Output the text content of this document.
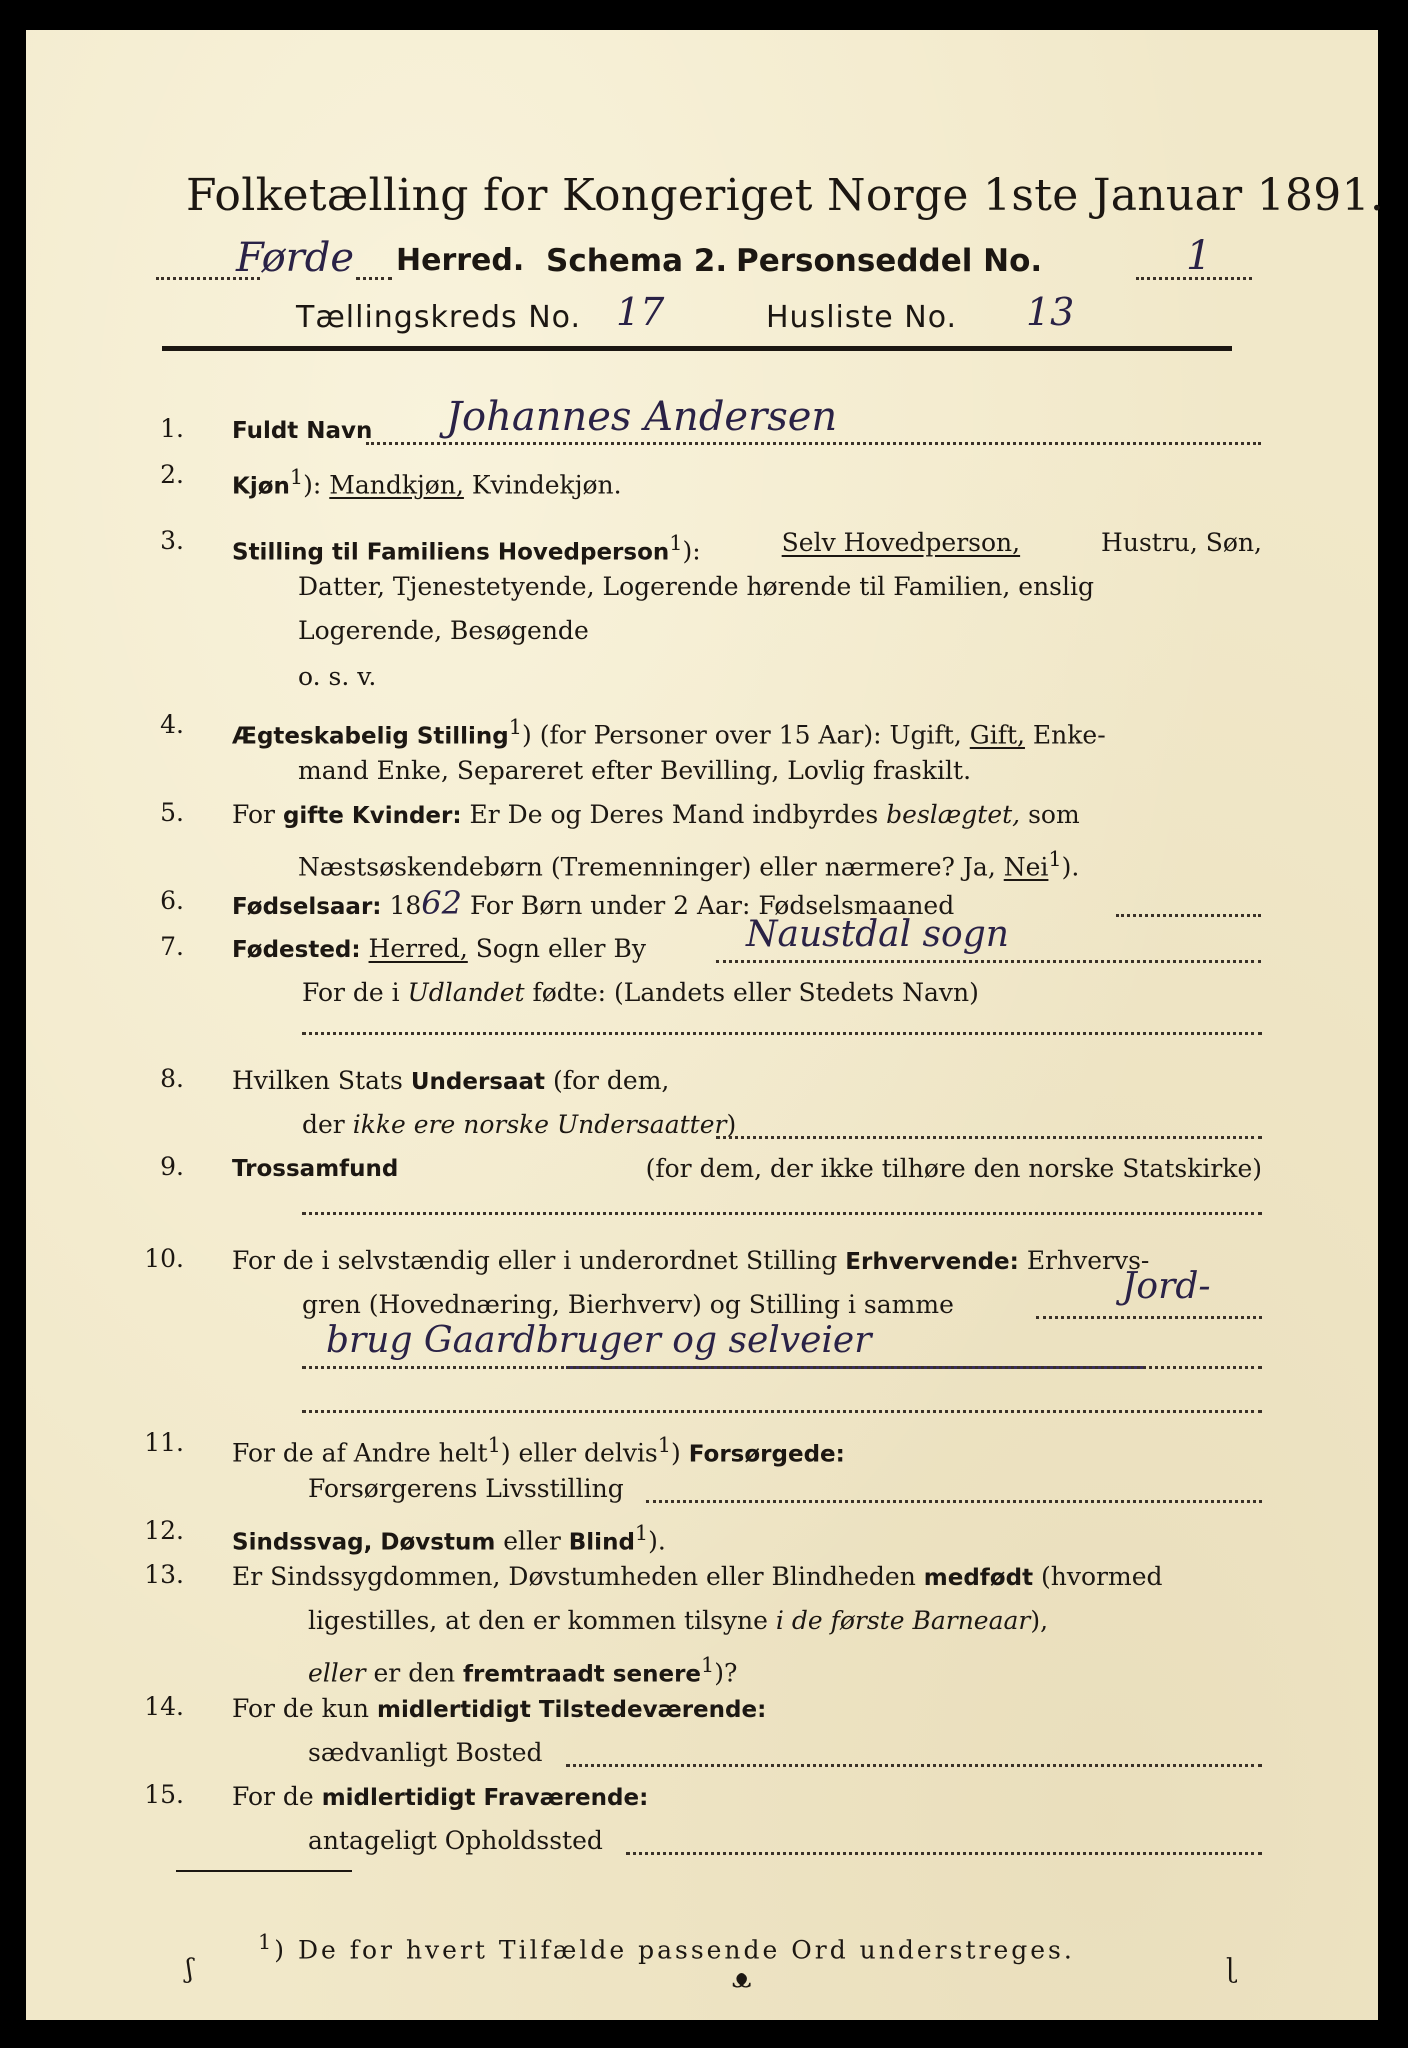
Folketælling for Kongeriget Norge 1ste Januar 1891.
Førde Herred. Schema 2. Personseddel No.	1
Tællingskreds No. 17	Husliste No. 13
1. Fuldt Navn Johannes Andersen
2. Kjøn$^1$): Mandkjøn, Kvindekjøn.
3. Stilling til Familiens Hovedperson$^1$):	Selv Hovedperson,	Hustru, Søn,
Datter, Tjenestetyende, Logerende hørende til Familien, enslig
Logerende, Besøgende
o. s. v.
4. Ægteskabelig Stilling$^1$) (for Personer over 15 Aar): Ugift, Gift, Enke-
mand Enke, Separeret efter Bevilling, Lovlig fraskilt.
5. For gifte Kvinder: Er De og Deres Mand indbyrdes beslægtet, som
Næstsøskendebørn (Tremenninger) eller nærmere? Ja, Nei$^1$).
6. Fødselsaar: 1862 For Børn under 2 Aar: Fødselsmaaned
7. Fødested: Herred, Sogn eller By	Naustdal sogn
For de i Udlandet fødte: (Landets eller Stedets Navn)
8. Hvilken Stats Undersaat (for dem,
der ikke ere norske Undersaatter)
9. Trossamfund	(for dem, der ikke tilhøre den norske Statskirke)
10. For de i selvstændig eller i underordnet Stilling Erhvervende: Erhvervs-
gren (Hovednæring, Bierhverv) og Stilling i samme	Jord-
brug Gaardbruger og selveier
11. For de af Andre helt$^1$) eller delvis$^1$) Forsørgede:
Forsørgerens Livsstilling
12. Sindssvag, Døvstum eller Blind$^1$).
13. Er Sindssygdommen, Døvstumheden eller Blindheden medfødt (hvormed
ligestilles, at den er kommen tilsyne i de første Barneaar),
eller er den fremtraadt senere$^1$)?
14. For de kun midlertidigt Tilstedeværende:
sædvanligt Bosted
15. For de midlertidigt Fraværende:
antageligt Opholdssted
$^1$) De for hvert Tilfælde passende Ord understreges.
ʃ	ᴥ	ɭ
